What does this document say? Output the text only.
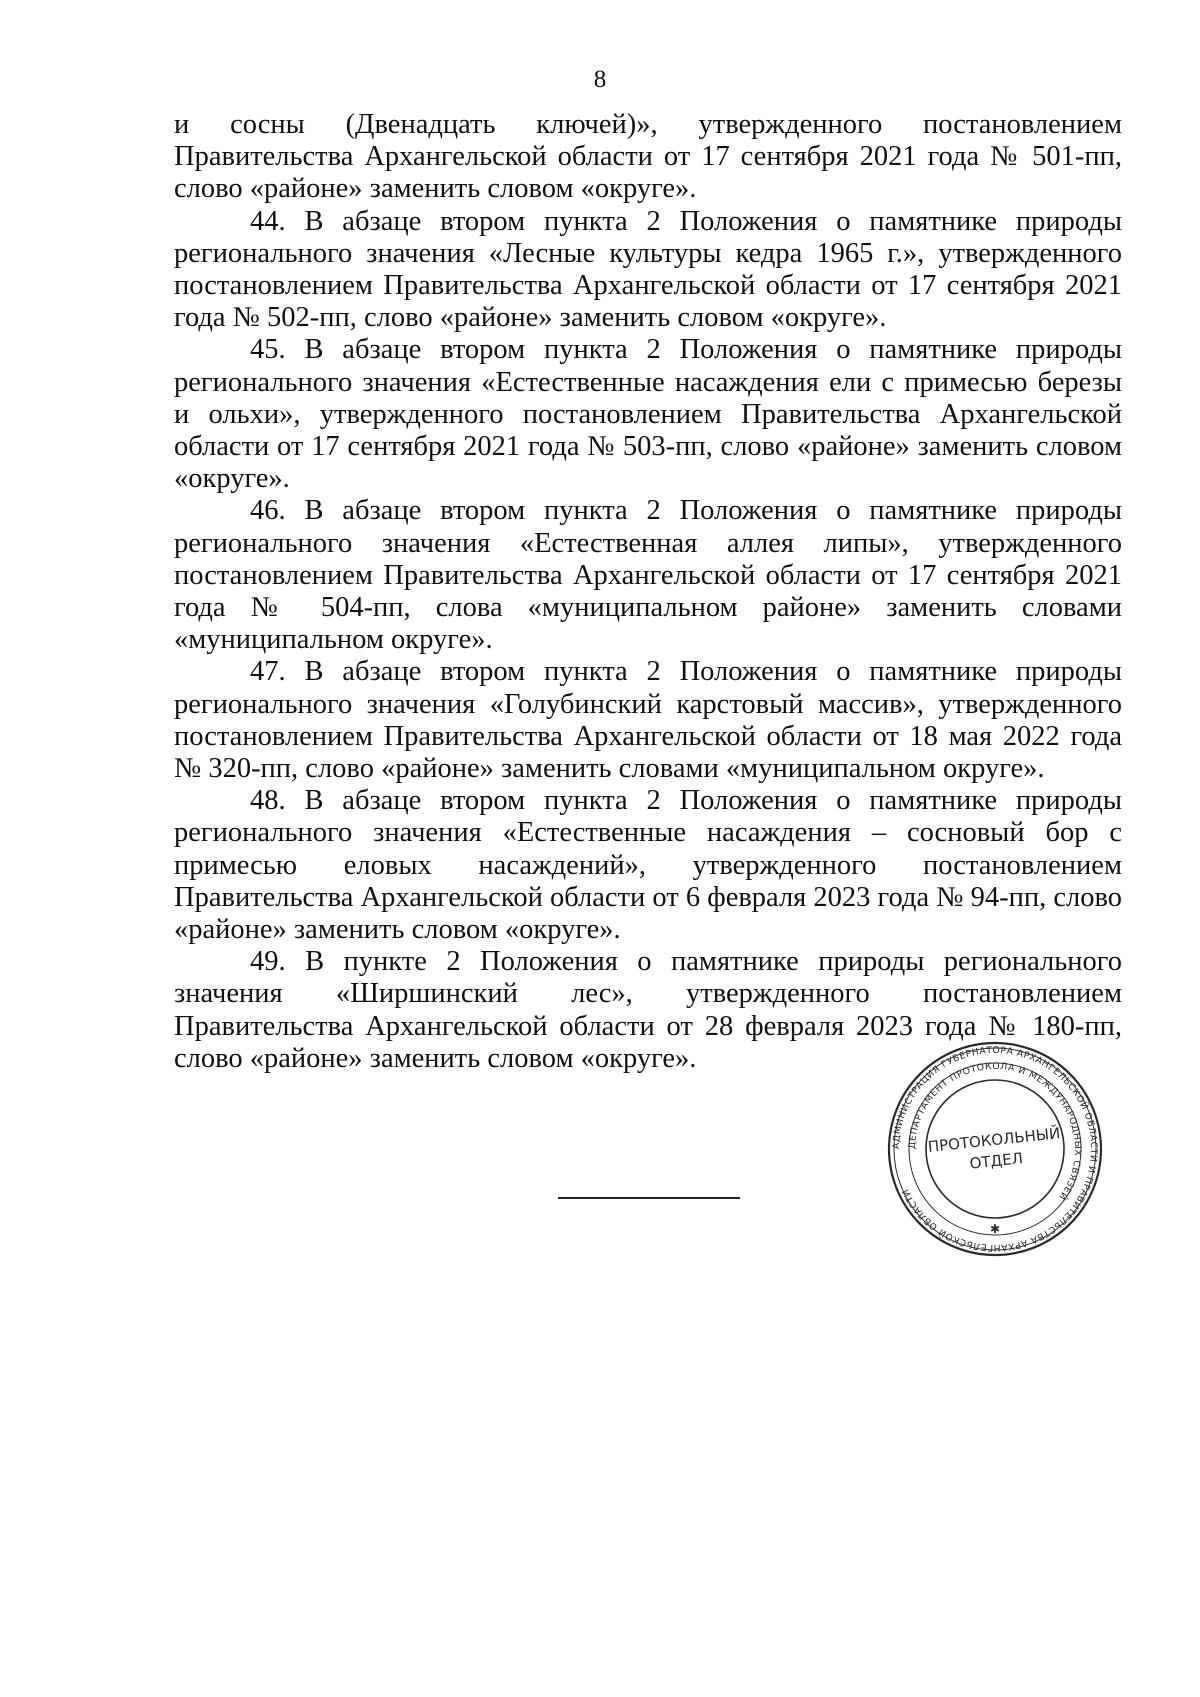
8

и сосны (Двенадцать ключей)», утвержденного постановлением Правительства Архангельской области от 17 сентября 2021 года № 501-пп, слово «районе» заменить словом «округе».

44. В абзаце втором пункта 2 Положения о памятнике природы регионального значения «Лесные культуры кедра 1965 г.», утвержденного постановлением Правительства Архангельской области от 17 сентября 2021 года № 502-пп, слово «районе» заменить словом «округе».

45. В абзаце втором пункта 2 Положения о памятнике природы регионального значения «Естественные насаждения ели с примесью березы и ольхи», утвержденного постановлением Правительства Архангельской области от 17 сентября 2021 года № 503-пп, слово «районе» заменить словом «округе».

46. В абзаце втором пункта 2 Положения о памятнике природы регионального значения «Естественная аллея липы», утвержденного постановлением Правительства Архангельской области от 17 сентября 2021 года № 504-пп, слова «муниципальном районе» заменить словами «муниципальном округе».

47. В абзаце втором пункта 2 Положения о памятнике природы регионального значения «Голубинский карстовый массив», утвержденного постановлением Правительства Архангельской области от 18 мая 2022 года № 320-пп, слово «районе» заменить словами «муниципальном округе».

48. В абзаце втором пункта 2 Положения о памятнике природы регионального значения «Естественные насаждения – сосновый бор с примесью еловых насаждений», утвержденного постановлением Правительства Архангельской области от 6 февраля 2023 года № 94-пп, слово «районе» заменить словом «округе».

49. В пункте 2 Положения о памятнике природы регионального значения «Ширшинский лес», утвержденного постановлением Правительства Архангельской области от 28 февраля 2023 года № 180-пп, слово «районе» заменить словом «округе».

АДМИНИСТРАЦИЯ ГУБЕРНАТОРА АРХАНГЕЛЬСКОЙ ОБЛАСТИ И ПРАВИТЕЛЬСТВА АРХАНГЕЛЬСКОЙ ОБЛАСТИ
ДЕПАРТАМЕНТ ПРОТОКОЛА И МЕЖДУНАРОДНЫХ СВЯЗЕЙ
ПРОТОКОЛЬНЫЙ
ОТДЕЛ
✱
